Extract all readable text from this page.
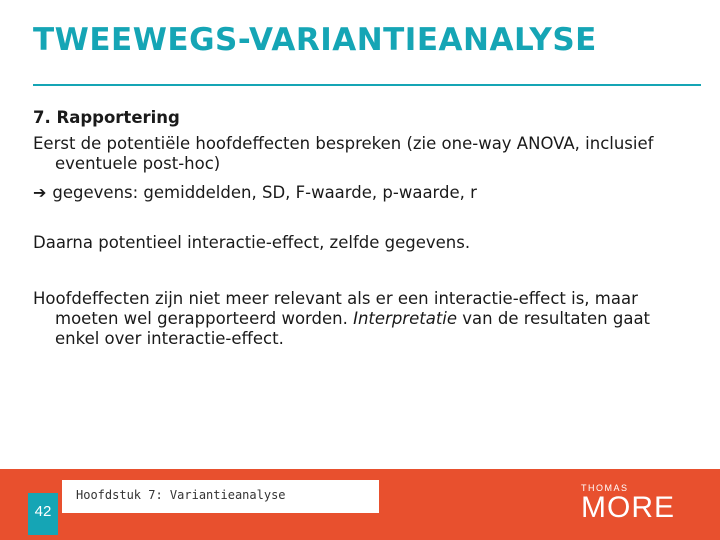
TWEEWEGS-VARIANTIEANALYSE

7. Rapportering

Eerst de potentiële hoofdeffecten bespreken (zie one-way ANOVA, inclusief eventuele post-hoc)

➔ gegevens: gemiddelden, SD, F-waarde, p-waarde, r

Daarna potentieel interactie-effect, zelfde gegevens.

Hoofdeffecten zijn niet meer relevant als er een interactie-effect is, maar moeten wel gerapporteerd worden. Interpretatie van de resultaten gaat enkel over interactie-effect.

Hoofdstuk 7: Variantieanalyse
42
THOMAS
MORE
